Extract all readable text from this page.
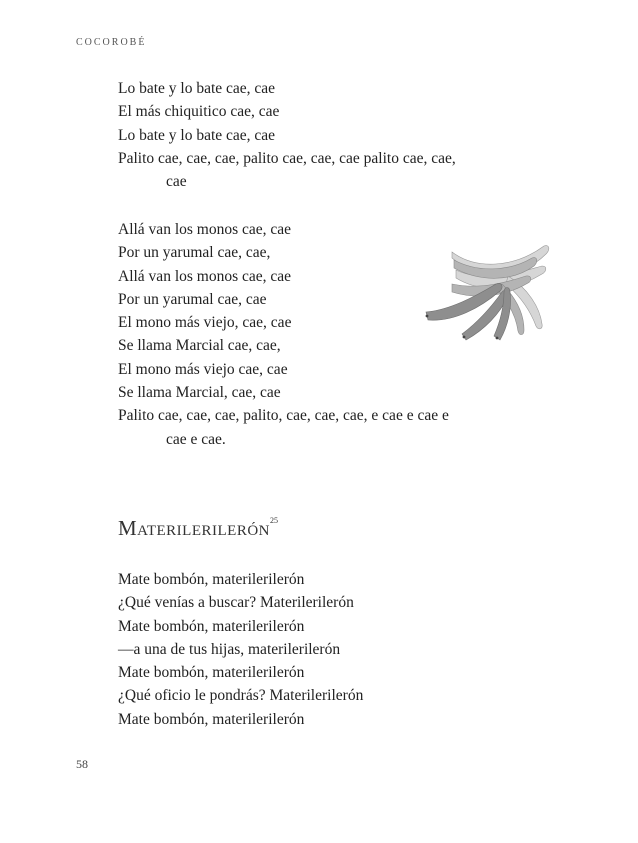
COCOROBÉ
Lo bate y lo bate cae, cae
El más chiquitico cae, cae
Lo bate y lo bate cae, cae
Palito cae, cae, cae, palito cae, cae, cae palito cae, cae,
cae
Allá van los monos cae, cae
Por un yarumal cae, cae,
Allá van los monos cae, cae
Por un yarumal cae, cae
El mono más viejo, cae, cae
Se llama Marcial cae, cae,
El mono más viejo cae, cae
Se llama Marcial, cae, cae
Palito cae, cae, cae, palito, cae, cae, cae, e cae e cae e
cae e cae.
Materilerilerón$^{25}$
Mate bombón, materilerilerón
¿Qué venías a buscar? Materilerilerón
Mate bombón, materilerilerón
—a una de tus hijas, materilerilerón
Mate bombón, materilerilerón
¿Qué oficio le pondrás? Materilerilerón
Mate bombón, materilerilerón
58
